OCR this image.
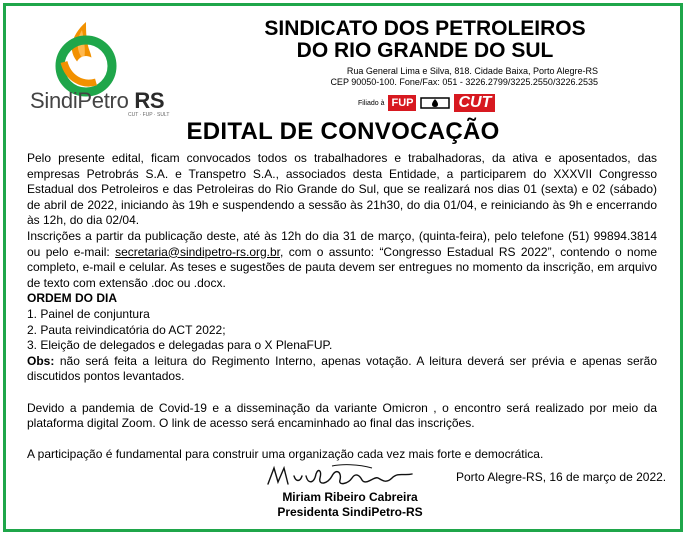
SindiPetro RS
CUT · FUP · SULT
SINDICATO DOS PETROLEIROS
DO RIO GRANDE DO SUL
Rua General Lima e Silva, 818. Cidade Baixa, Porto Alegre-RS
CEP 90050-100. Fone/Fax: 051 - 3226.2799/3225.2550/3226.2535
Filiado à FUP	CUT
EDITAL DE CONVOCAÇÃO

Pelo presente edital, ficam convocados todos os trabalhadores e trabalhadoras, da ativa e aposentados, das empresas Petrobrás S.A. e Transpetro S.A., associados desta Entidade, a participarem do XXXVII Congresso Estadual dos Petroleiros e das Petroleiras do Rio Grande do Sul, que se realizará nos dias 01 (sexta) e 02 (sábado) de abril de 2022, iniciando às 19h e suspendendo a sessão às 21h30, do dia 01/04, e reiniciando às 9h e encerrando às 12h, do dia 02/04.

Inscrições a partir da publicação deste, até às 12h do dia 31 de março, (quinta-feira), pelo telefone (51) 99894.3814 ou pelo e-mail: secretaria@sindipetro-rs.org.br, com o assunto: “Congresso Estadual RS 2022”, contendo o nome completo, e-mail e celular. As teses e sugestões de pauta devem ser entregues no momento da inscrição, em arquivo de texto com extensão .doc ou .docx.

ORDEM DO DIA

1. Painel de conjuntura

2. Pauta reivindicatória do ACT 2022;

3. Eleição de delegados e delegadas para o X PlenaFUP.

Obs: não será feita a leitura do Regimento Interno, apenas votação. A leitura deverá ser prévia e apenas serão discutidos pontos levantados.

Devido a pandemia de Covid-19 e a disseminação da variante Omicron , o encontro será realizado por meio da plataforma digital Zoom. O link de acesso será encaminhado ao final das inscrições.

A participação é fundamental para construir uma organização cada vez mais forte e democrática.

Miriam Ribeiro Cabreira
Presidenta SindiPetro-RS
Porto Alegre-RS, 16 de março de 2022.
